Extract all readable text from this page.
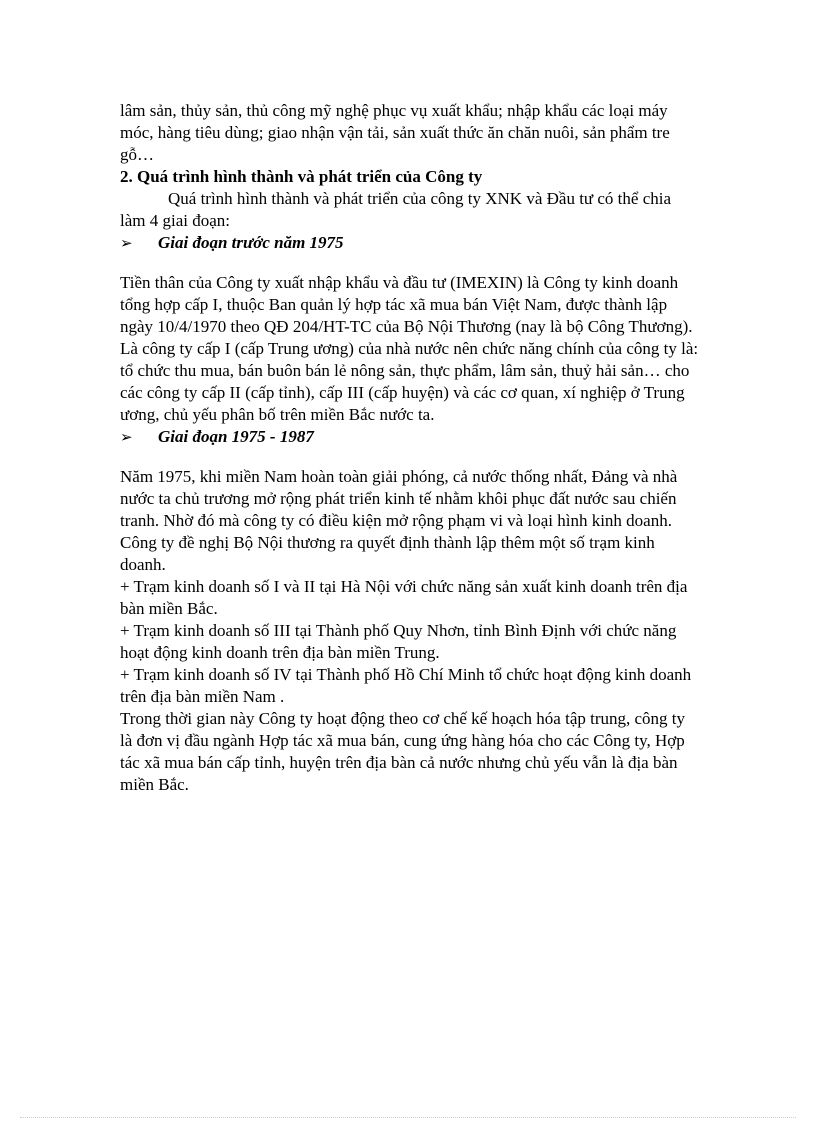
lâm sản, thủy sản, thủ công mỹ nghệ phục vụ xuất khẩu; nhập khẩu các loại máy móc, hàng tiêu dùng; giao nhận vận tải, sản xuất thức ăn chăn nuôi, sản phẩm tre gỗ…

2. Quá trình hình thành và phát triển của Công ty

Quá trình hình thành và phát triển của công ty XNK và Đầu tư có thể chia làm 4 giai đoạn:

➢	Giai đoạn trước năm 1975

Tiền thân của Công ty xuất nhập khẩu và đầu tư (IMEXIN) là Công ty kinh doanh tổng hợp cấp I, thuộc Ban quản lý hợp tác xã mua bán Việt Nam, được thành lập ngày 10/4/1970 theo QĐ 204/HT-TC của Bộ Nội Thương (nay là bộ Công Thương). Là công ty cấp I (cấp Trung ương) của nhà nước nên chức năng chính của công ty là: tổ chức thu mua, bán buôn bán lẻ nông sản, thực phẩm, lâm sản, thuỷ hải sản… cho các công ty cấp II (cấp tỉnh), cấp III (cấp huyện) và các cơ quan, xí nghiệp ở Trung ương, chủ yếu phân bố trên miền Bắc nước ta.

➢	Giai đoạn 1975 - 1987

Năm 1975, khi miền Nam hoàn toàn giải phóng, cả nước thống nhất, Đảng và nhà nước ta chủ trương mở rộng phát triển kinh tế nhằm khôi phục đất nước sau chiến tranh. Nhờ đó mà công ty có điều kiện mở rộng phạm vi và loại hình kinh doanh. Công ty đề nghị Bộ Nội thương ra quyết định thành lập thêm một số trạm kinh doanh.

+ Trạm kinh doanh số I và II tại Hà Nội với chức năng sản xuất kinh doanh trên địa bàn miền Bắc.

+ Trạm kinh doanh số III tại Thành phố Quy Nhơn, tỉnh Bình Định với chức năng hoạt động kinh doanh trên địa bàn miền Trung.

+ Trạm kinh doanh số IV tại Thành phố Hồ Chí Minh tổ chức hoạt động kinh doanh trên địa bàn miền Nam .

Trong thời gian này Công ty hoạt động theo cơ chế kế hoạch hóa tập trung, công ty là đơn vị đầu ngành Hợp tác xã mua bán, cung ứng hàng hóa cho các Công ty, Hợp tác xã mua bán cấp tỉnh, huyện trên địa bàn cả nước nhưng chủ yếu vẫn là địa bàn miền Bắc.
